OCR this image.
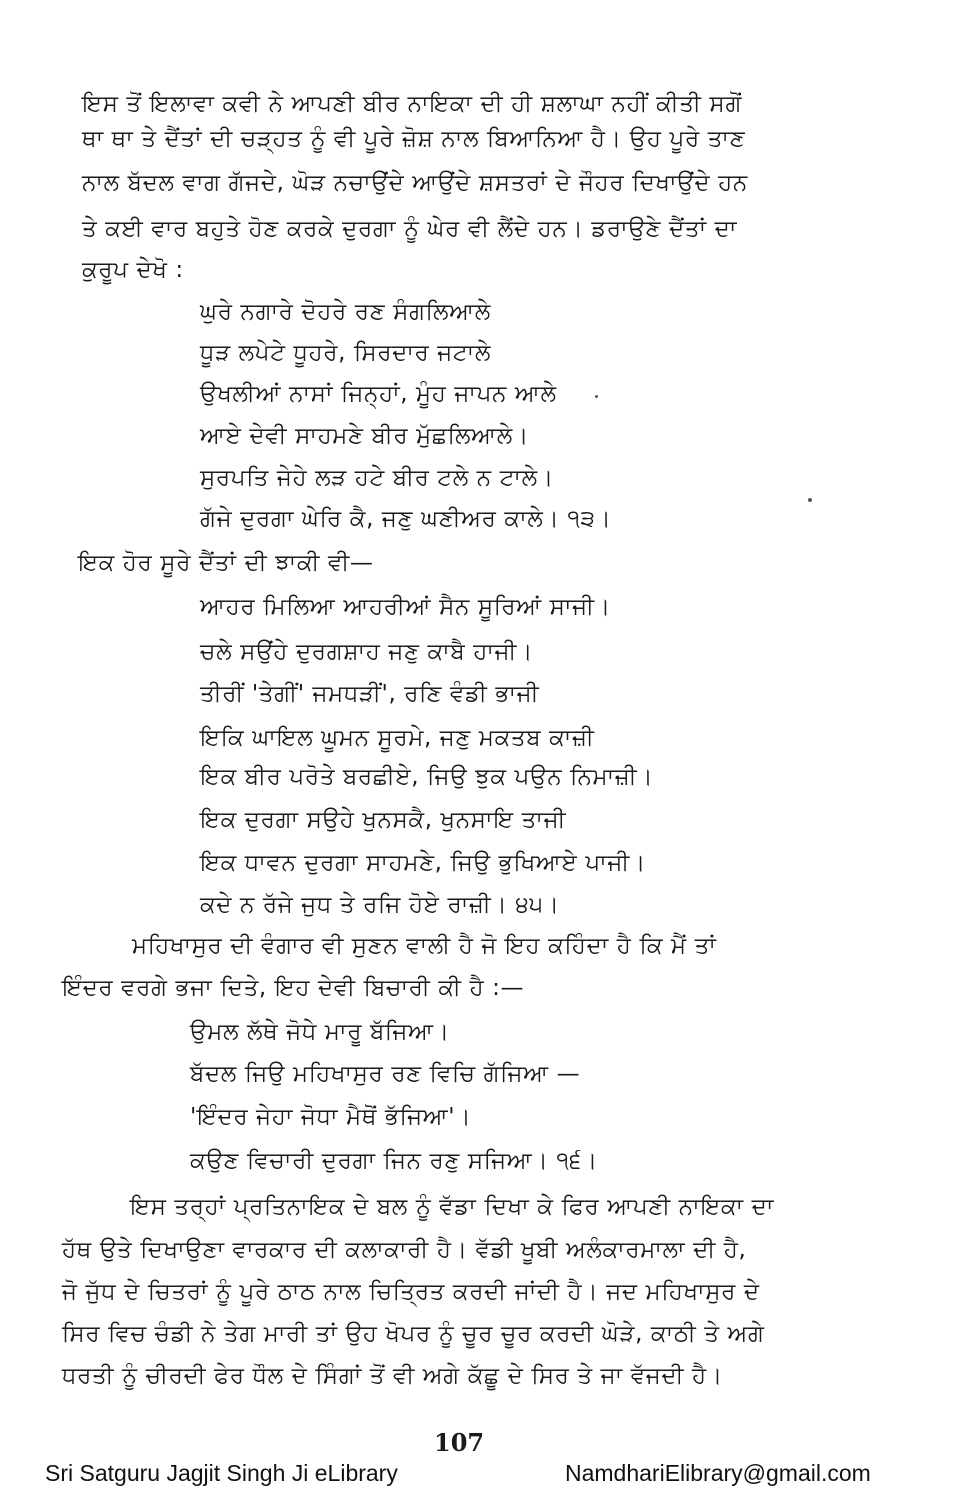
ਇਸ ਤੋਂ ਇਲਾਵਾ ਕਵੀ ਨੇ ਆਪਣੀ ਬੀਰ ਨਾਇਕਾ ਦੀ ਹੀ ਸ਼ਲਾਘਾ ਨਹੀਂ ਕੀਤੀ ਸਗੋਂ

ਥਾ ਥਾ ਤੇ ਦੈਂਤਾਂ ਦੀ ਚੜ੍ਹਤ ਨੂੰ ਵੀ ਪੂਰੇ ਜ਼ੋਸ਼ ਨਾਲ ਬਿਆਨਿਆ ਹੈ। ਉਹ ਪੂਰੇ ਤਾਣ

ਨਾਲ ਬੱਦਲ ਵਾਗ ਗੱਜਦੇ, ਘੋੜ ਨਚਾਉਂਦੇ ਆਉਂਦੇ ਸ਼ਸਤਰਾਂ ਦੇ ਜੌਹਰ ਦਿਖਾਉਂਦੇ ਹਨ

ਤੇ ਕਈ ਵਾਰ ਬਹੁਤੇ ਹੋਣ ਕਰਕੇ ਦੁਰਗਾ ਨੂੰ ਘੇਰ ਵੀ ਲੈਂਦੇ ਹਨ। ਡਰਾਉਣੇ ਦੈਂਤਾਂ ਦਾ

ਕੁਰੂਪ ਦੇਖੋ :

ਘੁਰੇ ਨਗਾਰੇ ਦੋਹਰੇ ਰਣ ਸੰਗਲਿਆਲੇ

ਧੂੜ ਲਪੇਟੇ ਧੂਹਰੇ, ਸਿਰਦਾਰ ਜਟਾਲੇ

ਉਖਲੀਆਂ ਨਾਸਾਂ ਜਿਨ੍ਹਾਂ, ਮੂੰਹ ਜਾਪਨ ਆਲੇ

ਆਏ ਦੇਵੀ ਸਾਹਮਣੇ ਬੀਰ ਮੁੱਛਲਿਆਲੇ।

ਸੁਰਪਤਿ ਜੇਹੇ ਲੜ ਹਟੇ ਬੀਰ ਟਲੇ ਨ ਟਾਲੇ।

ਗੱਜੇ ਦੁਰਗਾ ਘੇਰਿ ਕੈ, ਜਣੁ ਘਣੀਅਰ ਕਾਲੇ। ੧੩।

ਇਕ ਹੋਰ ਸੂਰੇ ਦੈਂਤਾਂ ਦੀ ਝਾਕੀ ਵੀ—

ਆਹਰ ਮਿਲਿਆ ਆਹਰੀਆਂ ਸੈਨ ਸੂਰਿਆਂ ਸਾਜੀ।

ਚਲੇ ਸਉਂਹੇ ਦੁਰਗਸ਼ਾਹ ਜਣੁ ਕਾਬੈ ਹਾਜੀ।

ਤੀਰੀਂ 'ਤੇਗੀਂ' ਜਮਧੜੀਂ', ਰਣਿ ਵੰਡੀ ਭਾਜੀ

ਇਕਿ ਘਾਇਲ ਘੂਮਨ ਸੂਰਮੇ, ਜਣੁ ਮਕਤਬ ਕਾਜ਼ੀ

ਇਕ ਬੀਰ ਪਰੋਤੇ ਬਰਛੀਏ, ਜਿਉ ਝੁਕ ਪਉਨ ਨਿਮਾਜ਼ੀ।

ਇਕ ਦੁਰਗਾ ਸਉਹੇ ਖੁਨਸਕੈ, ਖੁਨਸਾਇ ਤਾਜੀ

ਇਕ ਧਾਵਨ ਦੁਰਗਾ ਸਾਹਮਣੇ, ਜਿਉ ਭੁਖਿਆਏ ਪਾਜੀ।

ਕਦੇ ਨ ਰੱਜੇ ਜੁਧ ਤੇ ਰਜਿ ਹੋਏ ਰਾਜ਼ੀ। ੪੫।

ਮਹਿਖਾਸੁਰ ਦੀ ਵੰਗਾਰ ਵੀ ਸੁਣਨ ਵਾਲੀ ਹੈ ਜੋ ਇਹ ਕਹਿੰਦਾ ਹੈ ਕਿ ਮੈਂ ਤਾਂ

ਇੰਦਰ ਵਰਗੇ ਭਜਾ ਦਿਤੇ, ਇਹ ਦੇਵੀ ਬਿਚਾਰੀ ਕੀ ਹੈ :—

ਉਮਲ ਲੱਥੇ ਜੋਧੇ ਮਾਰੂ ਬੱਜਿਆ।

ਬੱਦਲ ਜਿਉ ਮਹਿਖਾਸੁਰ ਰਣ ਵਿਚਿ ਗੱਜਿਆ —

'ਇੰਦਰ ਜੇਹਾ ਜੋਧਾ ਮੈਥੋਂ ਭੱਜਿਆ'।

ਕਉਣ ਵਿਚਾਰੀ ਦੁਰਗਾ ਜਿਨ ਰਣੁ ਸਜਿਆ। ੧੬।

ਇਸ ਤਰ੍ਹਾਂ ਪ੍ਰਤਿਨਾਇਕ ਦੇ ਬਲ ਨੂੰ ਵੱਡਾ ਦਿਖਾ ਕੇ ਫਿਰ ਆਪਣੀ ਨਾਇਕਾ ਦਾ

ਹੱਥ ਉਤੇ ਦਿਖਾਉਣਾ ਵਾਰਕਾਰ ਦੀ ਕਲਾਕਾਰੀ ਹੈ। ਵੱਡੀ ਖੂਬੀ ਅਲੰਕਾਰਮਾਲਾ ਦੀ ਹੈ,

ਜੋ ਜੁੱਧ ਦੇ ਚਿਤਰਾਂ ਨੂੰ ਪੂਰੇ ਠਾਠ ਨਾਲ ਚਿਤ੍ਰਿਤ ਕਰਦੀ ਜਾਂਦੀ ਹੈ। ਜਦ ਮਹਿਖਾਸੁਰ ਦੇ

ਸਿਰ ਵਿਚ ਚੰਡੀ ਨੇ ਤੇਗ ਮਾਰੀ ਤਾਂ ਉਹ ਖੋਪਰ ਨੂੰ ਚੂਰ ਚੂਰ ਕਰਦੀ ਘੋੜੇ, ਕਾਠੀ ਤੇ ਅਗੇ

ਧਰਤੀ ਨੂੰ ਚੀਰਦੀ ਫੇਰ ਧੌਲ ਦੇ ਸਿੰਗਾਂ ਤੋਂ ਵੀ ਅਗੇ ਕੱਛੂ ਦੇ ਸਿਰ ਤੇ ਜਾ ਵੱਜਦੀ ਹੈ।

107
Sri Satguru Jagjit Singh Ji eLibrary	NamdhariElibrary@gmail.com
